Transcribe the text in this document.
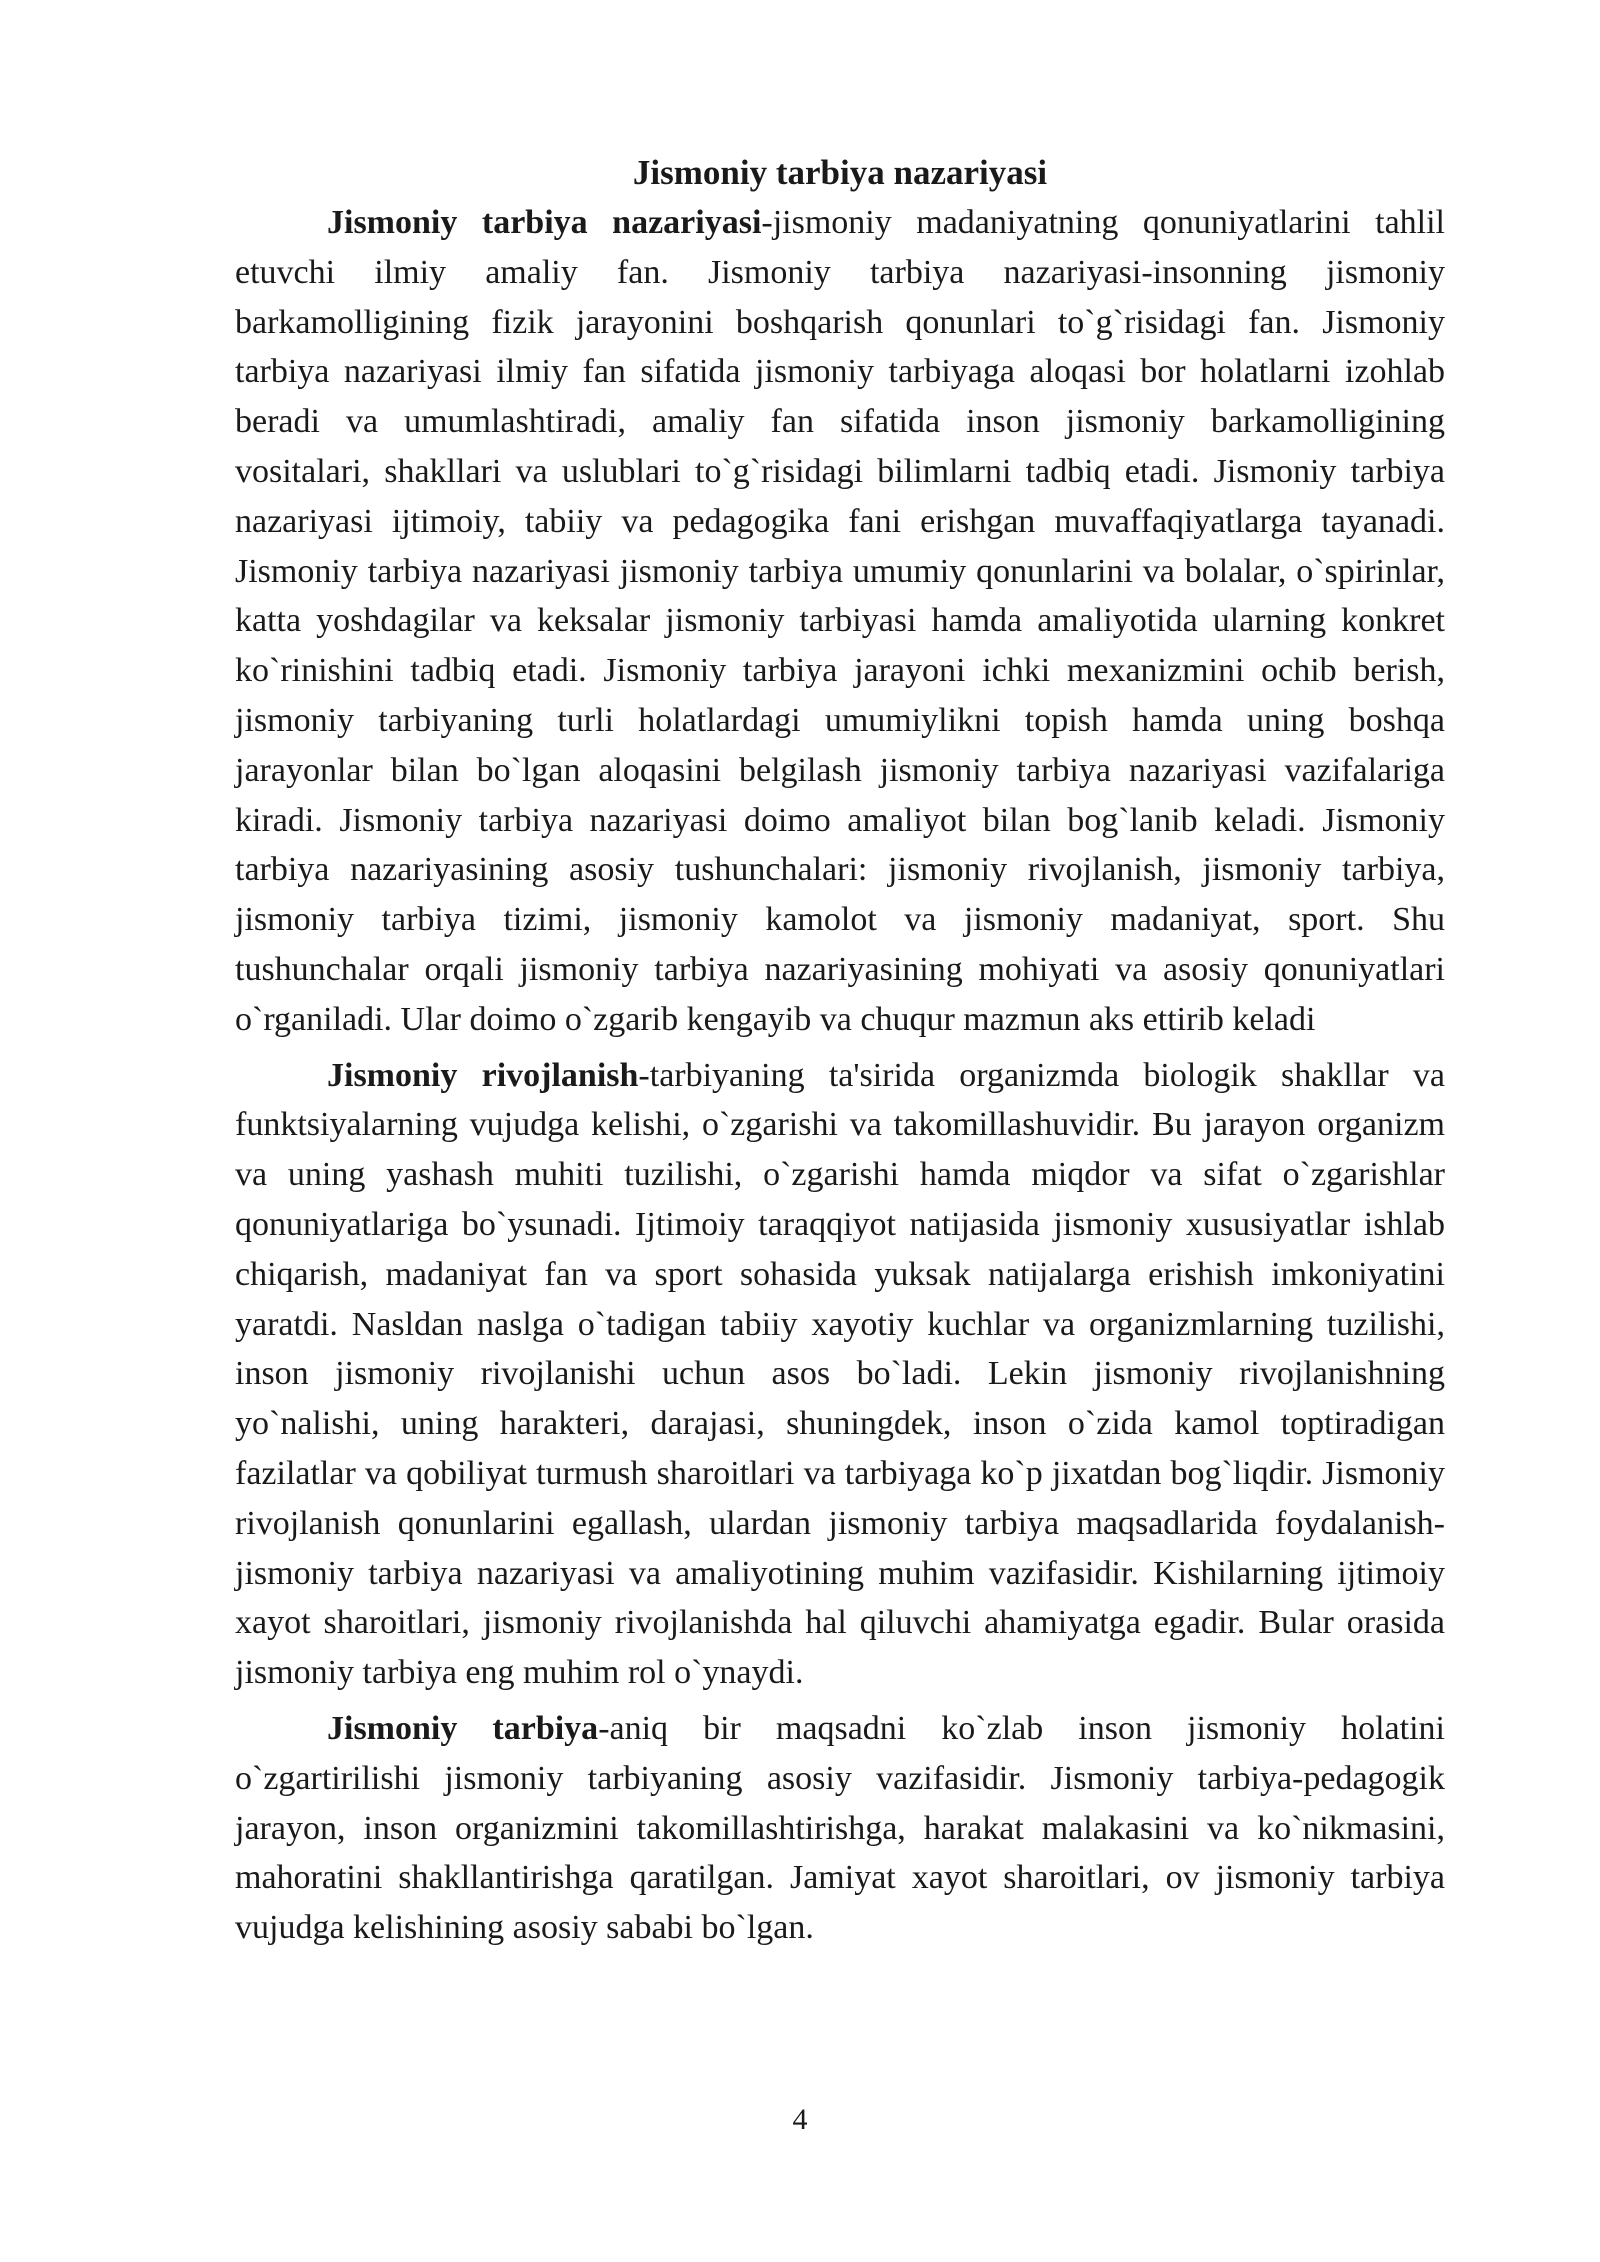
Jismoniy tarbiya nazariyasi

Jismoniy tarbiya nazariyasi-jismoniy madaniyatning qonuniyatlarini tahlil etuvchi ilmiy amaliy fan. Jismoniy tarbiya nazariyasi-insonning jismoniy barkamolligining fizik jarayonini boshqarish qonunlari to`g`risidagi fan. Jismoniy tarbiya nazariyasi ilmiy fan sifatida jismoniy tarbiyaga aloqasi bor holatlarni izohlab beradi va umumlashtiradi, amaliy fan sifatida inson jismoniy barkamolligining vositalari, shakllari va uslublari to`g`risidagi bilimlarni tadbiq etadi. Jismoniy tarbiya nazariyasi ijtimoiy, tabiiy va pedagogika fani erishgan muvaffaqiyatlarga tayanadi. Jismoniy tarbiya nazariyasi jismoniy tarbiya umumiy qonunlarini va bolalar, o`spirinlar, katta yoshdagilar va keksalar jismoniy tarbiyasi hamda amaliyotida ularning konkret ko`rinishini tadbiq etadi. Jismoniy tarbiya jarayoni ichki mexanizmini ochib berish, jismoniy tarbiyaning turli holatlardagi umumiylikni topish hamda uning boshqa jarayonlar bilan bo`lgan aloqasini belgilash jismoniy tarbiya nazariyasi vazifalariga kiradi. Jismoniy tarbiya nazariyasi doimo amaliyot bilan bog`lanib keladi. Jismoniy tarbiya nazariyasining asosiy tushunchalari: jismoniy rivojlanish, jismoniy tarbiya, jismoniy tarbiya tizimi, jismoniy kamolot va jismoniy madaniyat, sport. Shu tushunchalar orqali jismoniy tarbiya nazariyasining mohiyati va asosiy qonuniyatlari o`rganiladi. Ular doimo o`zgarib kengayib va chuqur mazmun aks ettirib keladi

Jismoniy rivojlanish-tarbiyaning ta'sirida organizmda biologik shakllar va funktsiyalarning vujudga kelishi, o`zgarishi va takomillashuvidir. Bu jarayon organizm va uning yashash muhiti tuzilishi, o`zgarishi hamda miqdor va sifat o`zgarishlar qonuniyatlariga bo`ysunadi. Ijtimoiy taraqqiyot natijasida jismoniy xususiyatlar ishlab chiqarish, madaniyat fan va sport sohasida yuksak natijalarga erishish imkoniyatini yaratdi. Nasldan naslga o`tadigan tabiiy xayotiy kuchlar va organizmlarning tuzilishi, inson jismoniy rivojlanishi uchun asos bo`ladi. Lekin jismoniy rivojlanishning yo`nalishi, uning harakteri, darajasi, shuningdek, inson o`zida kamol toptiradigan fazilatlar va qobiliyat turmush sharoitlari va tarbiyaga ko`p jixatdan bog`liqdir. Jismoniy rivojlanish qonunlarini egallash, ulardan jismoniy tarbiya maqsadlarida foydalanish-jismoniy tarbiya nazariyasi va amaliyotining muhim vazifasidir. Kishilarning ijtimoiy xayot sharoitlari, jismoniy rivojlanishda hal qiluvchi ahamiyatga egadir. Bular orasida jismoniy tarbiya eng muhim rol o`ynaydi.

Jismoniy tarbiya-aniq bir maqsadni ko`zlab inson jismoniy holatini o`zgartirilishi jismoniy tarbiyaning asosiy vazifasidir. Jismoniy tarbiya-pedagogik jarayon, inson organizmini takomillashtirishga, harakat malakasini va ko`nikmasini, mahoratini shakllantirishga qaratilgan. Jamiyat xayot sharoitlari, ov jismoniy tarbiya vujudga kelishining asosiy sababi bo`lgan.

4
